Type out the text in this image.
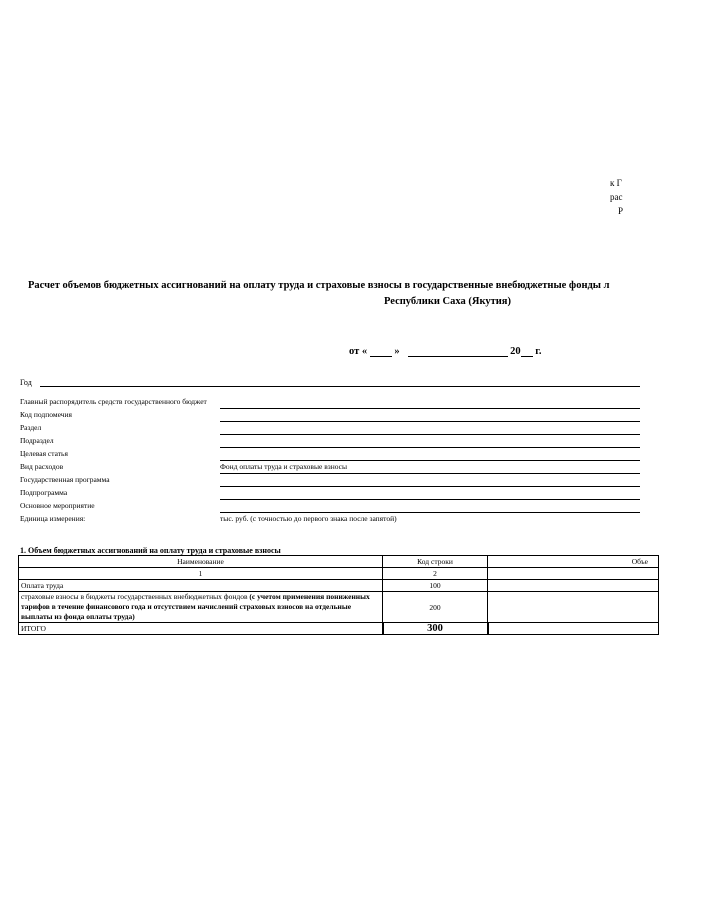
к Г
рас
Р
Расчет объемов бюджетных ассигнований на оплату труда и страховые взносы в государственные внебюджетные фонды л
Республики Саха (Якутия)
от «	»	20 г.
Год
Главный распорядитель средств государственного бюджет
Код подпомечия
Раздел
Подраздел
Целевая статья
Вид расходов	Фонд оплаты труда и страховые взносы
Государственная программа
Подпрограмма
Основное мероприятие
Единица измерения:	тыс. руб. (с точностью до первого знака после запятой)
1. Объем бюджетных ассигнований на оплату труда и страховые взносы
Наименование	Код строки	Объе
1	2	
Оплата труда	100	
страховые взносы в бюджеты государственных внебюджетных фондов (с учетом применения пониженных тарифов в течение финансового года и отсутствием начислений страховых взносов на отдельные выплаты из фонда оплаты труда)	200	
ИТОГО	300	
